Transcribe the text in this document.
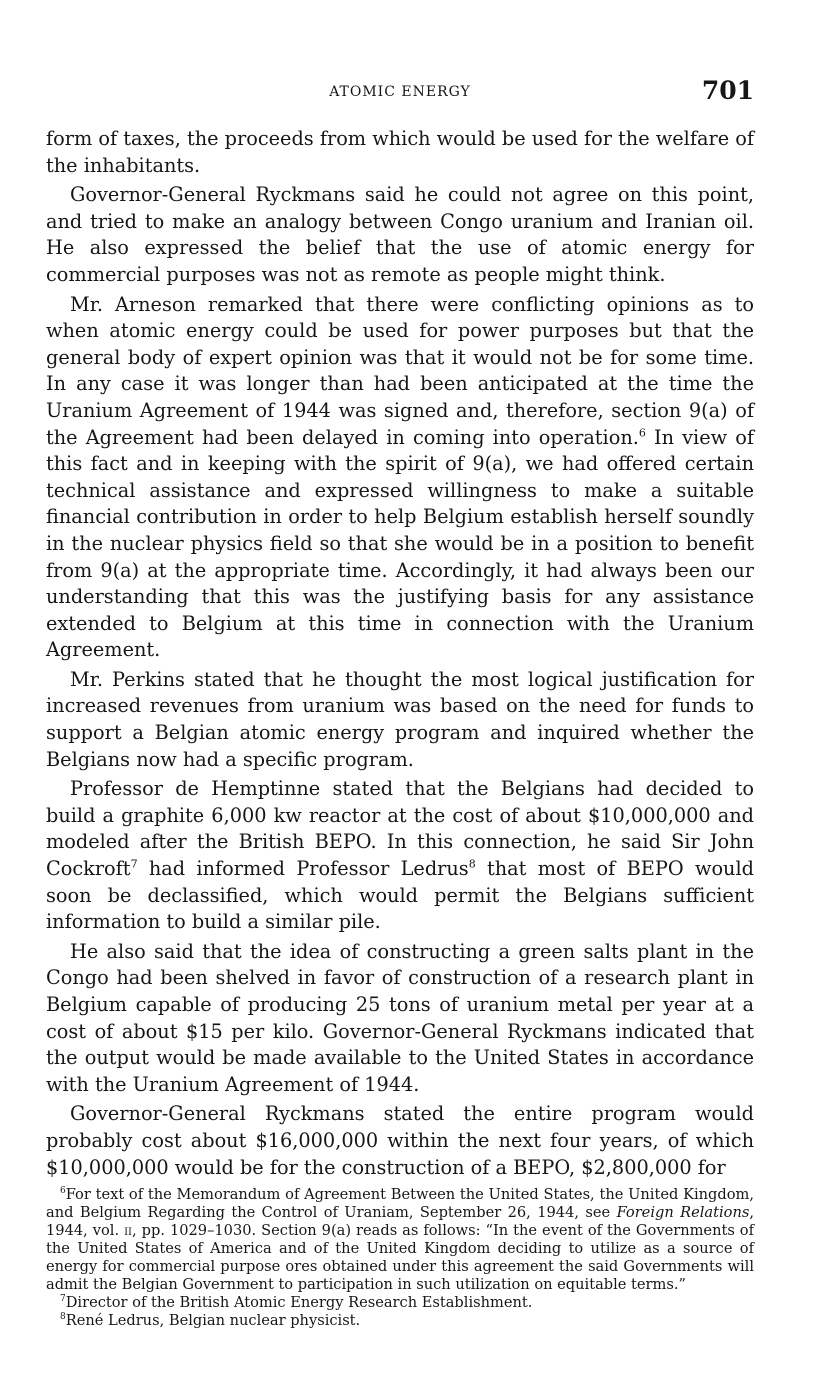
ATOMIC ENERGY	701

form of taxes, the proceeds from which would be used for the welfare of the inhabitants.

Governor-General Ryckmans said he could not agree on this point, and tried to make an analogy between Congo uranium and Iranian oil. He also expressed the belief that the use of atomic energy for commercial purposes was not as remote as people might think.

Mr. Arneson remarked that there were conflicting opinions as to when atomic energy could be used for power purposes but that the general body of expert opinion was that it would not be for some time. In any case it was longer than had been anticipated at the time the Uranium Agreement of 1944 was signed and, therefore, section 9(a) of the Agreement had been delayed in coming into operation.$^6$ In view of this fact and in keeping with the spirit of 9(a), we had offered certain technical assistance and expressed willingness to make a suitable financial contribution in order to help Belgium establish herself soundly in the nuclear physics field so that she would be in a position to benefit from 9(a) at the appropriate time. Accordingly, it had always been our understanding that this was the justifying basis for any assistance extended to Belgium at this time in connection with the Uranium Agreement.

Mr. Perkins stated that he thought the most logical justification for increased revenues from uranium was based on the need for funds to support a Belgian atomic energy program and inquired whether the Belgians now had a specific program.

Professor de Hemptinne stated that the Belgians had decided to build a graphite 6,000 kw reactor at the cost of about $10,000,000 and modeled after the British BEPO. In this connection, he said Sir John Cockroft$^7$ had informed Professor Ledrus$^8$ that most of BEPO would soon be declassified, which would permit the Belgians sufficient information to build a similar pile.

He also said that the idea of constructing a green salts plant in the Congo had been shelved in favor of construction of a research plant in Belgium capable of producing 25 tons of uranium metal per year at a cost of about $15 per kilo. Governor-General Ryckmans indicated that the output would be made available to the United States in accordance with the Uranium Agreement of 1944.

Governor-General Ryckmans stated the entire program would probably cost about $16,000,000 within the next four years, of which $10,000,000 would be for the construction of a BEPO, $2,800,000 for

$^6$For text of the Memorandum of Agreement Between the United States, the United Kingdom, and Belgium Regarding the Control of Uraniam, September 26, 1944, see Foreign Relations, 1944, vol. ii, pp. 1029–1030. Section 9(a) reads as follows: “In the event of the Governments of the United States of America and of the United Kingdom deciding to utilize as a source of energy for commercial purpose ores obtained under this agreement the said Governments will admit the Belgian Government to participation in such utilization on equitable terms.”

$^7$Director of the British Atomic Energy Research Establishment.

$^8$René Ledrus, Belgian nuclear physicist.
